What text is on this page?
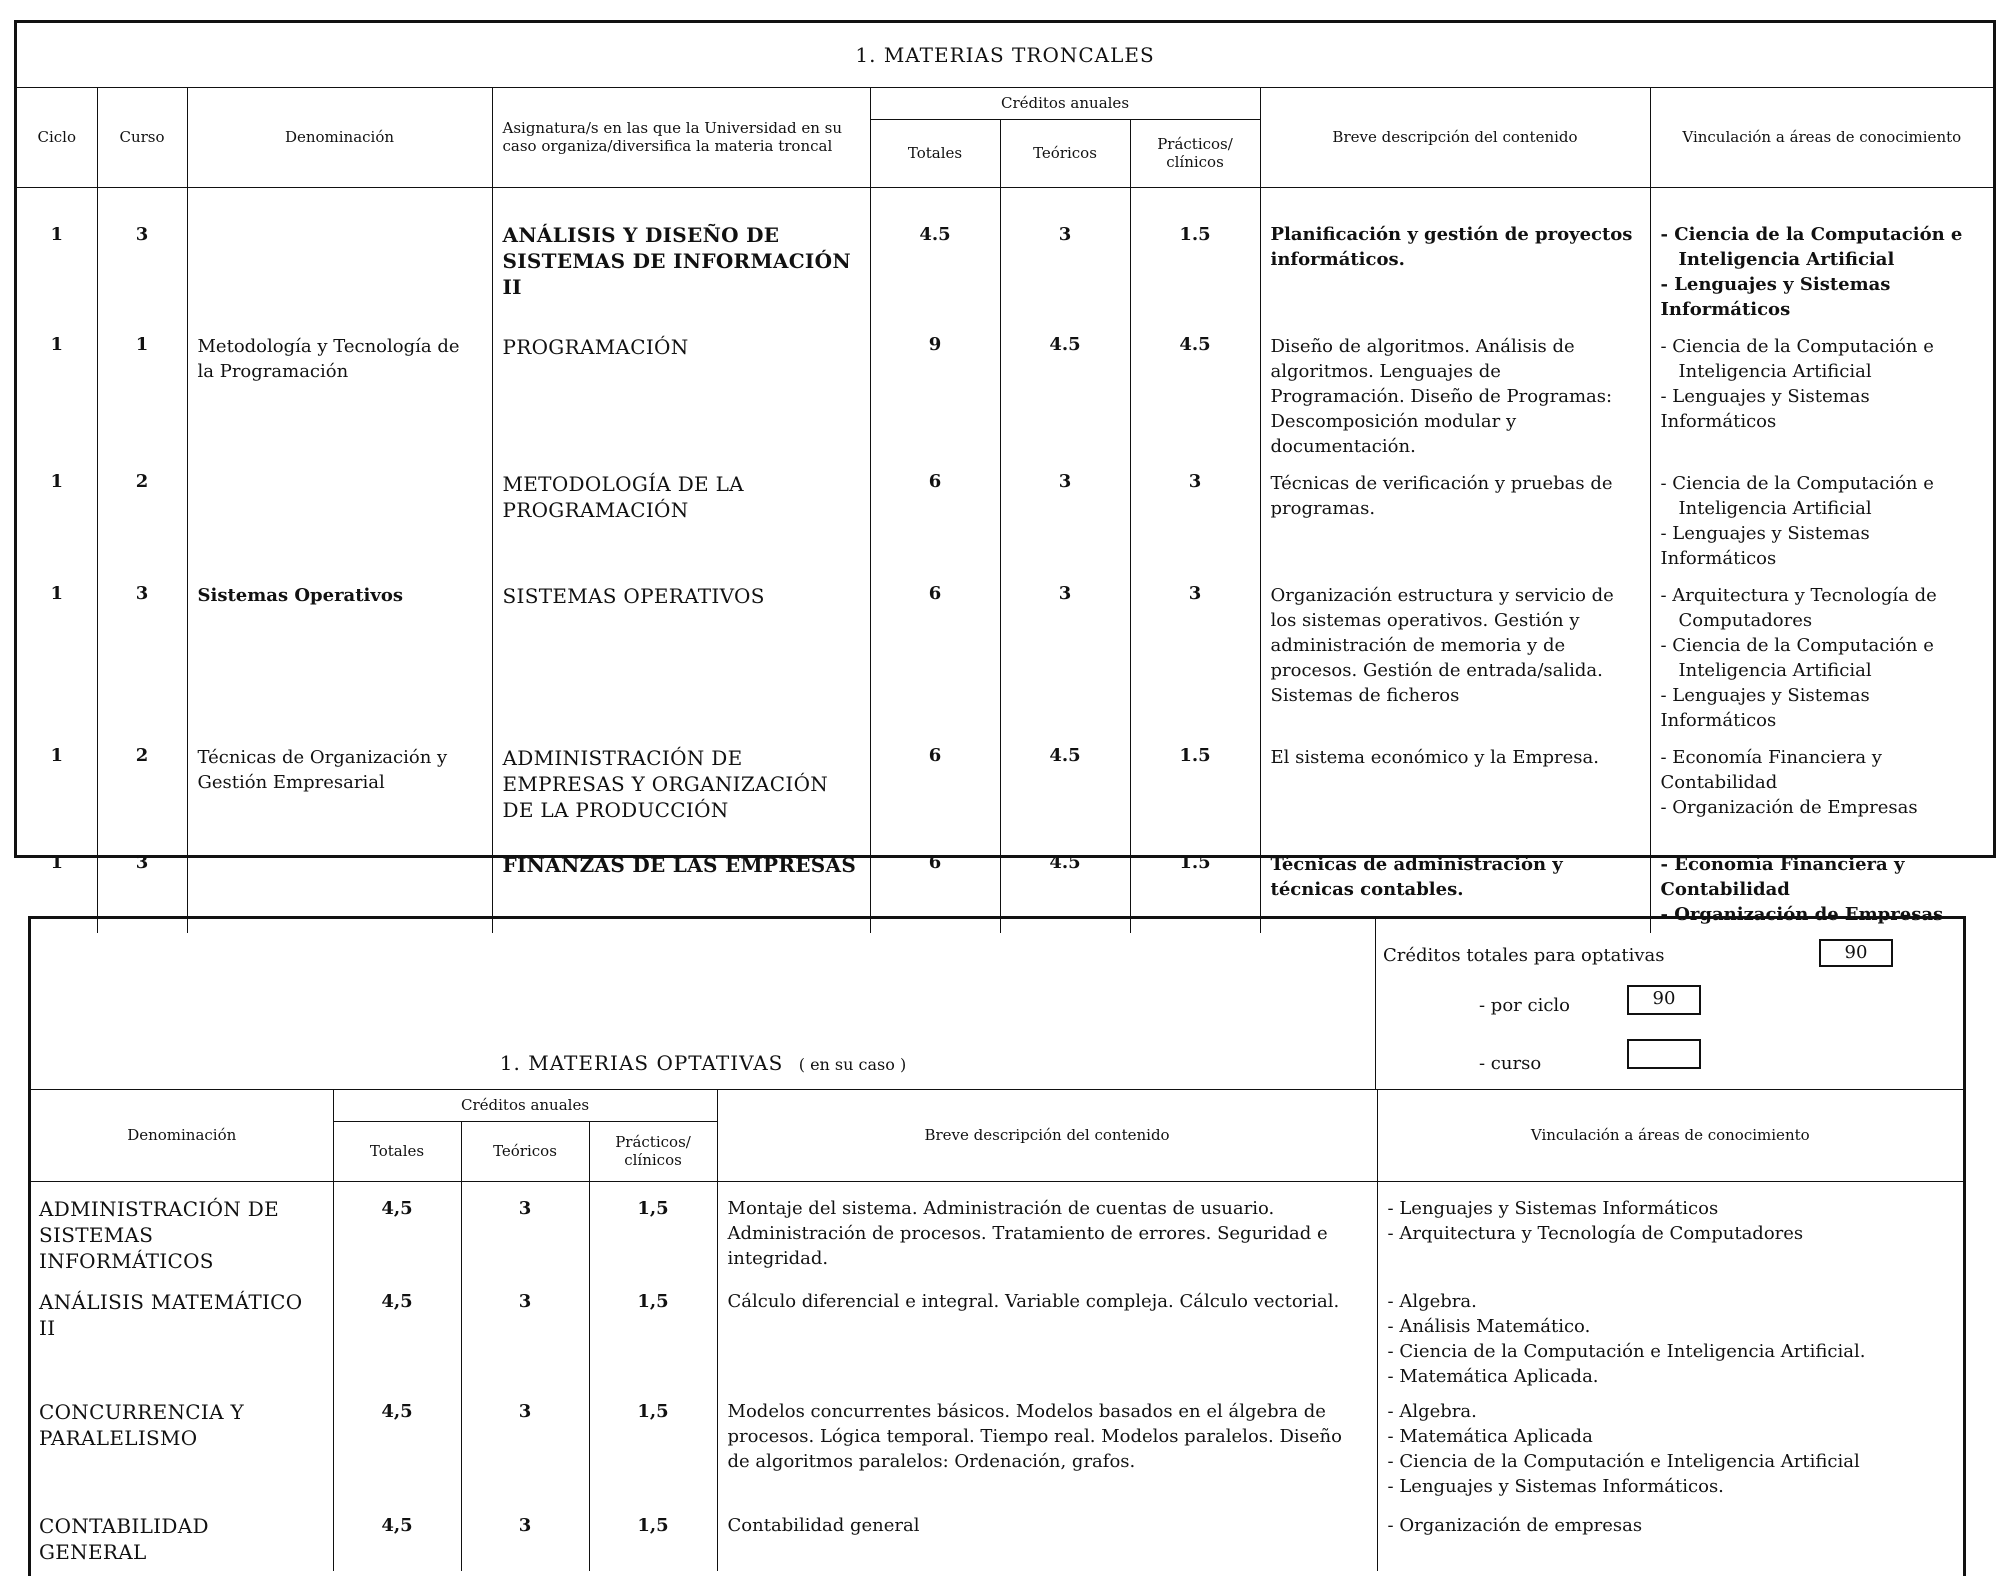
1. MATERIAS TRONCALES								
Ciclo	Curso	Denominación	Asignatura/s en las que la Universidad en su caso organiza/diversifica la materia troncal	Créditos anuales			Breve descripción del contenido	Vinculación a áreas de conocimiento
				Totales	Teóricos	Prácticos/ clínicos		
1	3		ANÁLISIS Y DISEÑO DE SISTEMAS DE INFORMACIÓN II	4.5	3	1.5	Planificación y gestión de proyectos informáticos.	- Ciencia de la Computación e
Inteligencia Artificial
- Lenguajes y Sistemas Informáticos

1	1	Metodología y Tecnología de la Programación	PROGRAMACIÓN	9	4.5	4.5	Diseño de algoritmos. Análisis de algoritmos. Lenguajes de Programación. Diseño de Programas: Descomposición modular y documentación.	- Ciencia de la Computación e
Inteligencia Artificial
- Lenguajes y Sistemas Informáticos

1	2		METODOLOGÍA DE LA PROGRAMACIÓN	6	3	3	Técnicas de verificación y pruebas de programas.	- Ciencia de la Computación e
Inteligencia Artificial
- Lenguajes y Sistemas Informáticos

1	3	Sistemas Operativos	SISTEMAS OPERATIVOS	6	3	3	Organización estructura y servicio de los sistemas operativos. Gestión y administración de memoria y de procesos. Gestión de entrada/salida. Sistemas de ficheros	- Arquitectura y Tecnología de
Computadores
- Ciencia de la Computación e
Inteligencia Artificial
- Lenguajes y Sistemas Informáticos

1	2	Técnicas de Organización y Gestión Empresarial	ADMINISTRACIÓN DE EMPRESAS Y ORGANIZACIÓN DE LA PRODUCCIÓN	6	4.5	1.5	El sistema económico y la Empresa.	- Economía Financiera y Contabilidad
- Organización de Empresas

1	3		FINANZAS DE LAS EMPRESAS	6	4.5	1.5	Técnicas de administración y técnicas contables.	- Economía Financiera y Contabilidad
- Organización de Empresas
1. MATERIAS OPTATIVAS ( en su caso )
Créditos totales para optativas	90
- por ciclo	90
- curso
Denominación	Créditos anuales			Breve descripción del contenido	Vinculación a áreas de conocimiento
	Totales	Teóricos	Prácticos/ clínicos		
ADMINISTRACIÓN DE SISTEMAS INFORMÁTICOS	4,5	3	1,5	Montaje del sistema. Administración de cuentas de usuario. Administración de procesos. Tratamiento de errores. Seguridad e integridad.	- Lenguajes y Sistemas Informáticos
- Arquitectura y Tecnología de Computadores

ANÁLISIS MATEMÁTICO II	4,5	3	1,5	Cálculo diferencial e integral. Variable compleja. Cálculo vectorial.	- Algebra.
- Análisis Matemático.
- Ciencia de la Computación e Inteligencia Artificial.
- Matemática Aplicada.

CONCURRENCIA Y PARALELISMO	4,5	3	1,5	Modelos concurrentes básicos. Modelos basados en el álgebra de procesos. Lógica temporal. Tiempo real. Modelos paralelos. Diseño de algoritmos paralelos: Ordenación, grafos.	- Algebra.
- Matemática Aplicada
- Ciencia de la Computación e Inteligencia Artificial
- Lenguajes y Sistemas Informáticos.

CONTABILIDAD GENERAL	4,5	3	1,5	Contabilidad general	- Organización de empresas
